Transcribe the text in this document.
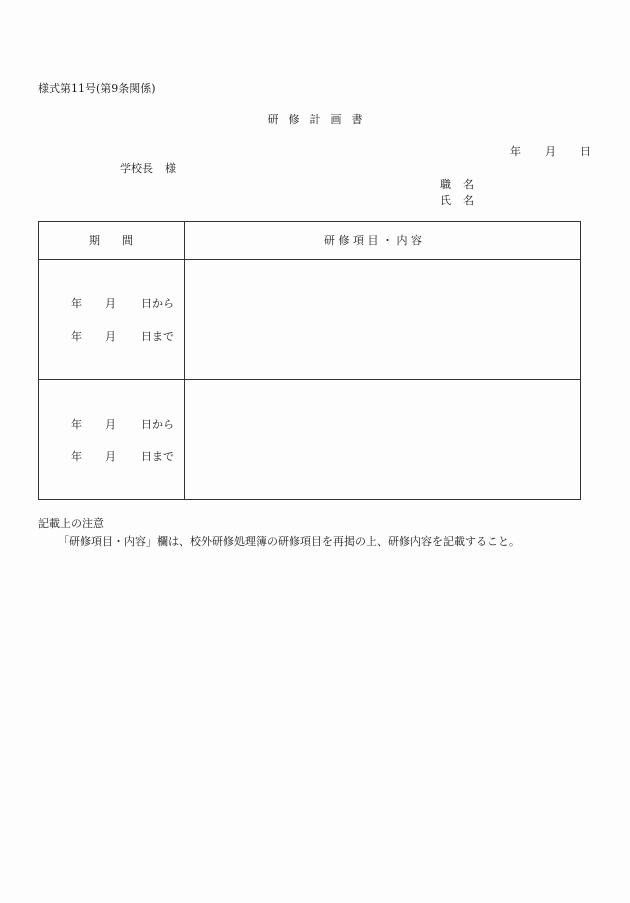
様式第11号(第9条関係)
研 修 計 画 書
年 月 日
学校長 様
職 名
氏 名
期 間	研 修 項 目 ・ 内 容
年 月 日から
年 月 日まで
年 月 日から
年 月 日まで
記載上の注意
「研修項目・内容」欄は、校外研修処理簿の研修項目を再掲の上、研修内容を記載すること。
